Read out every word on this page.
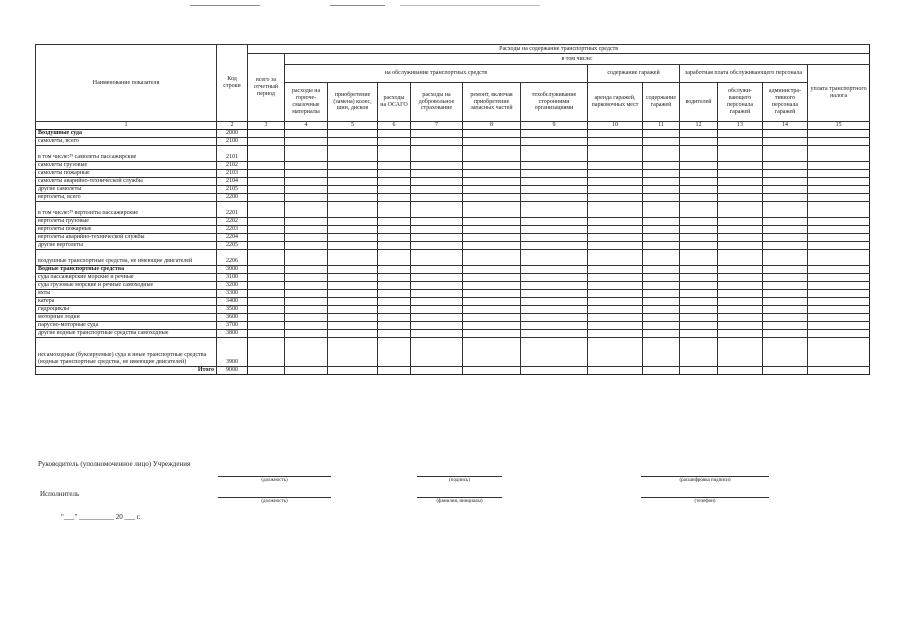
Наименование показателя	Код строки	Расходы на содержание транспортных средств												
		всего за отчетный период	в том числе:											
			на обслуживание транспортных средств						содержание гаражей		заработная плата обслуживающего персонала			уплата транспортного налога
			расходы на горюче-смазочные материалы	приобретение (замена) колес, шин, дисков	расходы на ОСАГО	расходы на добровольное страхование	ремонт, включая приобретение запасных частей	техобслуживание сторонними организациями	аренда гаражей, парковочных мест	содержание гаражей	водителей	обслужи-вающего персонала гаражей	администра-тивного персонала гаражей	
1	2	3	4	5	6	7	8	9	10	11	12	13	14	15
Воздушные суда	2000													
самолеты, всего	2100													
в том числе:²⁹ самолеты пассажирские	2101													
самолеты грузовые	2102													
самолеты пожарные	2103													
самолеты аварийно-технической службы	2104													
другие самолеты	2105													
вертолеты, всего	2200													
в том числе:²⁹ вертолеты пассажирские	2201													
вертолеты грузовые	2202													
вертолеты пожарные	2203													
вертолеты аварийно-технической службы	2204													
другие вертолеты	2205													
воздушные транспортные средства, не имеющие двигателей	2206													
Водные транспортные средства	3000													
суда пассажирские морские и речные	3100													
суда грузовые морские и речные самоходные	3200													
яхты	3300													
катера	3400													
гидроциклы	3500													
моторные лодки	3600													
парусно-моторные суда	3700													
другие водные транспортные средства самоходные	3800													
несамоходные (буксируемые) суда и иные транспортные средства (водные транспортные средства, не имеющие двигателей)	3900													
Итого	9000													
Руководитель (уполномоченное лицо) Учреждения
(должность)	(подпись)	(расшифровка подписи)
Исполнитель
(должность)	(фамилия, инициалы)	(телефон)
"___" __________ 20 ___ г.
